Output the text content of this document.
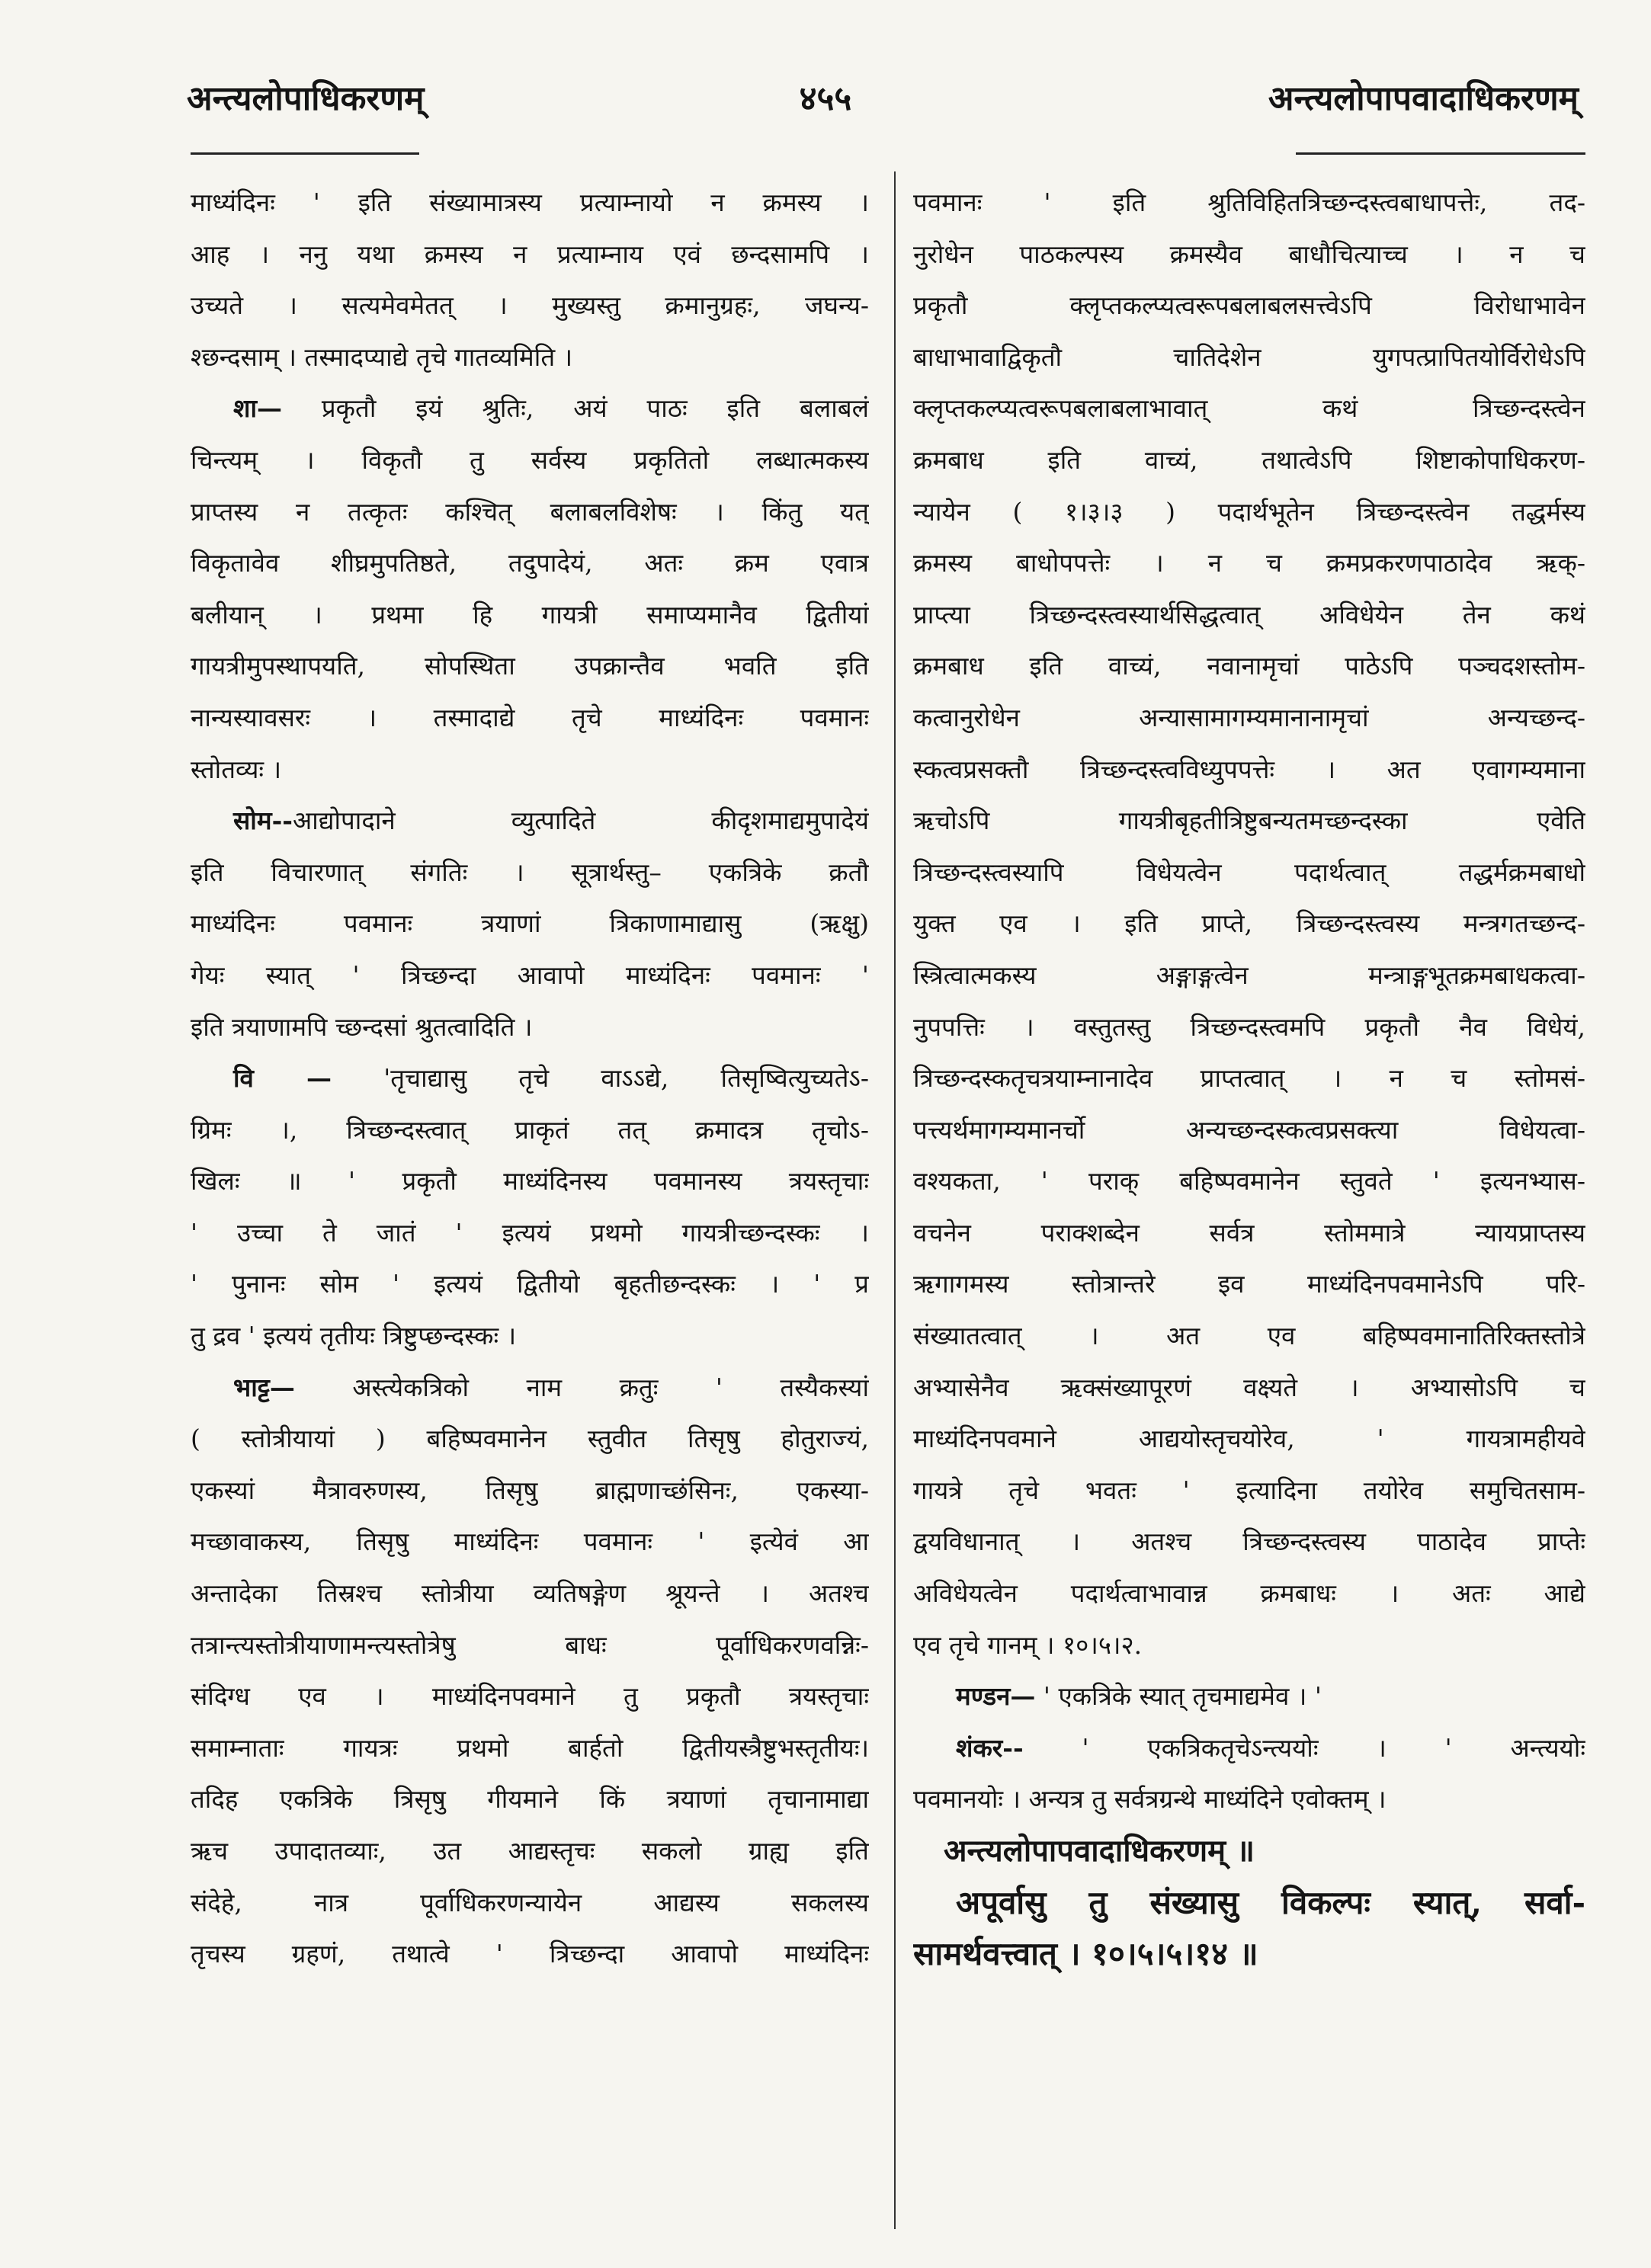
अन्त्यलोपाधिकरणम्	४५५	अन्त्यलोपापवादाधिकरणम्
माध्यंदिनः ' इति संख्यामात्रस्य प्रत्याम्नायो न क्रमस्य ।
आह । ननु यथा क्रमस्य न प्रत्याम्नाय एवं छन्दसामपि ।
उच्यते । सत्यमेवमेतत् । मुख्यस्तु क्रमानुग्रहः, जघन्य-
श्छन्दसाम् । तस्मादप्याद्ये तृचे गातव्यमिति ।
शा— प्रकृतौ इयं श्रुतिः, अयं पाठः इति बलाबलं
चिन्त्यम् । विकृतौ तु सर्वस्य प्रकृतितो लब्धात्मकस्य
प्राप्तस्य न तत्कृतः कश्चित् बलाबलविशेषः । किंतु यत्
विकृतावेव शीघ्रमुपतिष्ठते, तदुपादेयं, अतः क्रम एवात्र
बलीयान् । प्रथमा हि गायत्री समाप्यमानैव द्वितीयां
गायत्रीमुपस्थापयति, सोपस्थिता उपक्रान्तैव भवति इति
नान्यस्यावसरः । तस्मादाद्ये तृचे माध्यंदिनः पवमानः
स्तोतव्यः ।
सोम--आद्योपादाने व्युत्पादिते कीदृशमाद्यमुपादेयं
इति विचारणात् संगतिः । सूत्रार्थस्तु– एकत्रिके क्रतौ
माध्यंदिनः पवमानः त्रयाणां त्रिकाणामाद्यासु (ऋक्षु)
गेयः स्यात् ' त्रिच्छन्दा आवापो माध्यंदिनः पवमानः '
इति त्रयाणामपि च्छन्दसां श्रुतत्वादिति ।
वि — 'तृचाद्यासु तृचे वाऽऽद्ये, तिसृष्वित्युच्यतेऽ-
ग्रिमः ।, त्रिच्छन्दस्त्वात् प्राकृतं तत् क्रमादत्र तृचोऽ-
खिलः ॥ ' प्रकृतौ माध्यंदिनस्य पवमानस्य त्रयस्तृचाः
' उच्चा ते जातं ' इत्ययं प्रथमो गायत्रीच्छन्दस्कः ।
' पुनानः सोम ' इत्ययं द्वितीयो बृहतीछन्दस्कः । ' प्र
तु द्रव ' इत्ययं तृतीयः त्रिष्टुप्छन्दस्कः ।
भाट्ट— अस्त्येकत्रिको नाम क्रतुः ' तस्यैकस्यां
( स्तोत्रीयायां ) बहिष्पवमानेन स्तुवीत तिसृषु होतुराज्यं,
एकस्यां मैत्रावरुणस्य, तिसृषु ब्राह्मणाच्छंसिनः, एकस्या-
मच्छावाकस्य, तिसृषु माध्यंदिनः पवमानः ' इत्येवं आ
अन्तादेका तिस्रश्च स्तोत्रीया व्यतिषङ्गेण श्रूयन्ते । अतश्च
तत्रान्त्यस्तोत्रीयाणामन्त्यस्तोत्रेषु बाधः पूर्वाधिकरणवन्निः-
संदिग्ध एव । माध्यंदिनपवमाने तु प्रकृतौ त्रयस्तृचाः
समाम्नाताः गायत्रः प्रथमो बार्हतो द्वितीयस्त्रैष्टुभस्तृतीयः।
तदिह एकत्रिके त्रिसृषु गीयमाने किं त्रयाणां तृचानामाद्या
ऋच उपादातव्याः, उत आद्यस्तृचः सकलो ग्राह्य इति
संदेहे, नात्र पूर्वाधिकरणन्यायेन आद्यस्य सकलस्य
तृचस्य ग्रहणं, तथात्वे ' त्रिच्छन्दा आवापो माध्यंदिनः
पवमानः ' इति श्रुतिविहितत्रिच्छन्दस्त्वबाधापत्तेः, तद-
नुरोधेन पाठकल्पस्य क्रमस्यैव बाधौचित्याच्च । न च
प्रकृतौ क्लृप्तकल्प्यत्वरूपबलाबलसत्त्वेऽपि विरोधाभावेन
बाधाभावाद्विकृतौ चातिदेशेन युगपत्प्रापितयोर्विरोधेऽपि
क्लृप्तकल्प्यत्वरूपबलाबलाभावात् कथं त्रिच्छन्दस्त्वेन
क्रमबाध इति वाच्यं, तथात्वेऽपि शिष्टाकोपाधिकरण-
न्यायेन ( १।३।३ ) पदार्थभूतेन त्रिच्छन्दस्त्वेन तद्धर्मस्य
क्रमस्य बाधोपपत्तेः । न च क्रमप्रकरणपाठादेव ऋक्-
प्राप्त्या त्रिच्छन्दस्त्वस्यार्थसिद्धत्वात् अविधेयेन तेन कथं
क्रमबाध इति वाच्यं, नवानामृचां पाठेऽपि पञ्चदशस्तोम-
कत्वानुरोधेन अन्यासामागम्यमानानामृचां अन्यच्छन्द-
स्कत्वप्रसक्तौ त्रिच्छन्दस्त्वविध्युपपत्तेः । अत एवागम्यमाना
ऋचोऽपि गायत्रीबृहतीत्रिष्टुबन्यतमच्छन्दस्का एवेति
त्रिच्छन्दस्त्वस्यापि विधेयत्वेन पदार्थत्वात् तद्धर्मक्रमबाधो
युक्त एव । इति प्राप्ते, त्रिच्छन्दस्त्वस्य मन्त्रगतच्छन्द-
स्त्रित्वात्मकस्य अङ्गाङ्गत्वेन मन्त्राङ्गभूतक्रमबाधकत्वा-
नुपपत्तिः । वस्तुतस्तु त्रिच्छन्दस्त्वमपि प्रकृतौ नैव विधेयं,
त्रिच्छन्दस्कतृचत्रयाम्नानादेव प्राप्तत्वात् । न च स्तोमसं-
पत्त्यर्थमागम्यमानर्चो अन्यच्छन्दस्कत्वप्रसक्त्या विधेयत्वा-
वश्यकता, ' पराक् बहिष्पवमानेन स्तुवते ' इत्यनभ्यास-
वचनेन पराक्शब्देन सर्वत्र स्तोममात्रे न्यायप्राप्तस्य
ऋगागमस्य स्तोत्रान्तरे इव माध्यंदिनपवमानेऽपि परि-
संख्यातत्वात् । अत एव बहिष्पवमानातिरिक्तस्तोत्रे
अभ्यासेनैव ऋक्संख्यापूरणं वक्ष्यते । अभ्यासोऽपि च
माध्यंदिनपवमाने आद्ययोस्तृचयोरेव, ' गायत्रामहीयवे
गायत्रे तृचे भवतः ' इत्यादिना तयोरेव समुचितसाम-
द्वयविधानात् । अतश्च त्रिच्छन्दस्त्वस्य पाठादेव प्राप्तेः
अविधेयत्वेन पदार्थत्वाभावान्न क्रमबाधः । अतः आद्ये
एव तृचे गानम् । १०।५।२.
मण्डन— ' एकत्रिके स्यात् तृचमाद्यमेव । '
शंकर-- ' एकत्रिकतृचेऽन्त्ययोः । ' अन्त्ययोः
पवमानयोः । अन्यत्र तु सर्वत्रग्रन्थे माध्यंदिने एवोक्तम् ।
अन्त्यलोपापवादाधिकरणम् ॥
अपूर्वासु तु संख्यासु विकल्पः स्यात्, सर्वा-
सामर्थवत्त्वात् । १०।५।५।१४ ॥
